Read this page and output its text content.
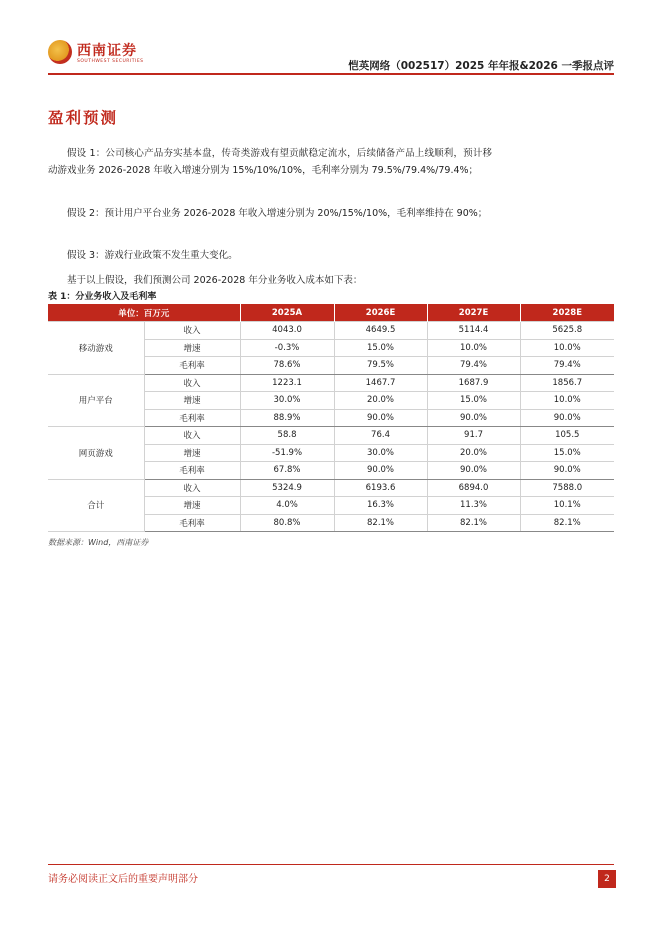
西南证券
SOUTHWEST SECURITIES	恺英网络（002517）2025 年年报&2026 一季报点评
盈利预测

假设 1：公司核心产品夯实基本盘，传奇类游戏有望贡献稳定流水，后续储备产品上线顺利，预计移动游戏业务 2026-2028 年收入增速分别为 15%/10%/10%，毛利率分别为 79.5%/79.4%/79.4%；

假设 2：预计用户平台业务 2026-2028 年收入增速分别为 20%/15%/10%，毛利率维持在 90%；

假设 3：游戏行业政策不发生重大变化。

基于以上假设，我们预测公司 2026-2028 年分业务收入成本如下表：

表 1：分业务收入及毛利率
单位：百万元		2025A	2026E	2027E	2028E
移动游戏	收入	4043.0	4649.5	5114.4	5625.8
	增速	-0.3%	15.0%	10.0%	10.0%
	毛利率	78.6%	79.5%	79.4%	79.4%
用户平台	收入	1223.1	1467.7	1687.9	1856.7
	增速	30.0%	20.0%	15.0%	10.0%
	毛利率	88.9%	90.0%	90.0%	90.0%
网页游戏	收入	58.8	76.4	91.7	105.5
	增速	-51.9%	30.0%	20.0%	15.0%
	毛利率	67.8%	90.0%	90.0%	90.0%
合计	收入	5324.9	6193.6	6894.0	7588.0
	增速	4.0%	16.3%	11.3%	10.1%
	毛利率	80.8%	82.1%	82.1%	82.1%
数据来源：Wind，西南证券
请务必阅读正文后的重要声明部分	2
